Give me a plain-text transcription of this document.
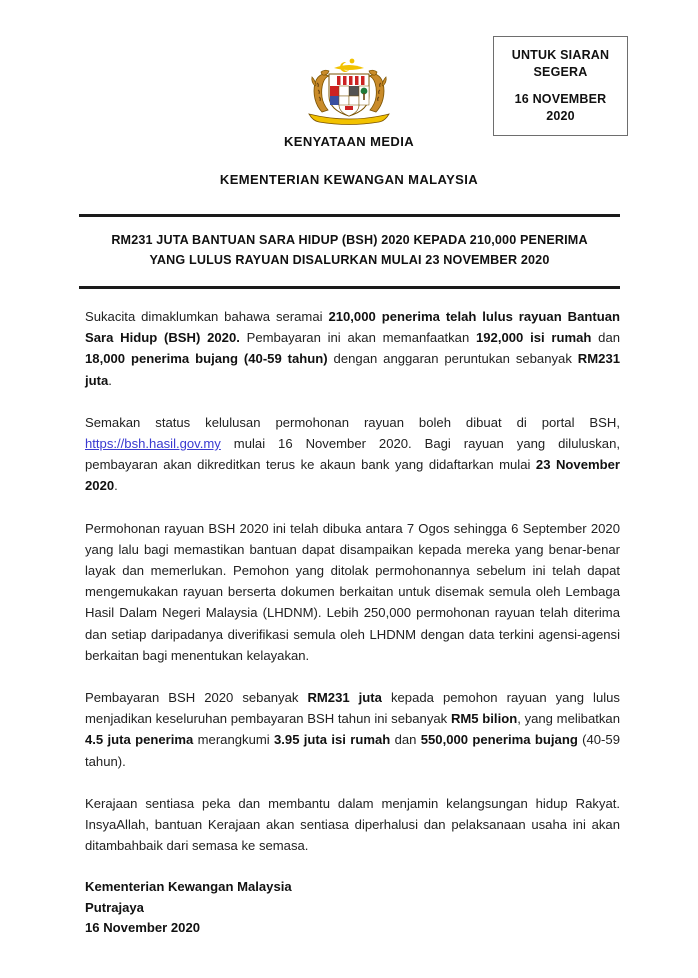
UNTUK SIARAN
SEGERA
16 NOVEMBER
2020
KENYATAAN MEDIA
KEMENTERIAN KEWANGAN MALAYSIA
RM231 JUTA BANTUAN SARA HIDUP (BSH) 2020 KEPADA 210,000 PENERIMA
YANG LULUS RAYUAN DISALURKAN MULAI 23 NOVEMBER 2020

Sukacita dimaklumkan bahawa seramai 210,000 penerima telah lulus rayuan Bantuan Sara Hidup (BSH) 2020. Pembayaran ini akan memanfaatkan 192,000 isi rumah dan 18,000 penerima bujang (40-59 tahun) dengan anggaran peruntukan sebanyak RM231 juta.

Semakan status kelulusan permohonan rayuan boleh dibuat di portal BSH, https://bsh.hasil.gov.my mulai 16 November 2020. Bagi rayuan yang diluluskan, pembayaran akan dikreditkan terus ke akaun bank yang didaftarkan mulai 23 November 2020.

Permohonan rayuan BSH 2020 ini telah dibuka antara 7 Ogos sehingga 6 September 2020 yang lalu bagi memastikan bantuan dapat disampaikan kepada mereka yang benar-benar layak dan memerlukan. Pemohon yang ditolak permohonannya sebelum ini telah dapat mengemukakan rayuan berserta dokumen berkaitan untuk disemak semula oleh Lembaga Hasil Dalam Negeri Malaysia (LHDNM). Lebih 250,000 permohonan rayuan telah diterima dan setiap daripadanya diverifikasi semula oleh LHDNM dengan data terkini agensi-agensi berkaitan bagi menentukan kelayakan.

Pembayaran BSH 2020 sebanyak RM231 juta kepada pemohon rayuan yang lulus menjadikan keseluruhan pembayaran BSH tahun ini sebanyak RM5 bilion, yang melibatkan 4.5 juta penerima merangkumi 3.95 juta isi rumah dan 550,000 penerima bujang (40-59 tahun).

Kerajaan sentiasa peka dan membantu dalam menjamin kelangsungan hidup Rakyat. InsyaAllah, bantuan Kerajaan akan sentiasa diperhalusi dan pelaksanaan usaha ini akan ditambahbaik dari semasa ke semasa.

Kementerian Kewangan Malaysia
Putrajaya
16 November 2020
